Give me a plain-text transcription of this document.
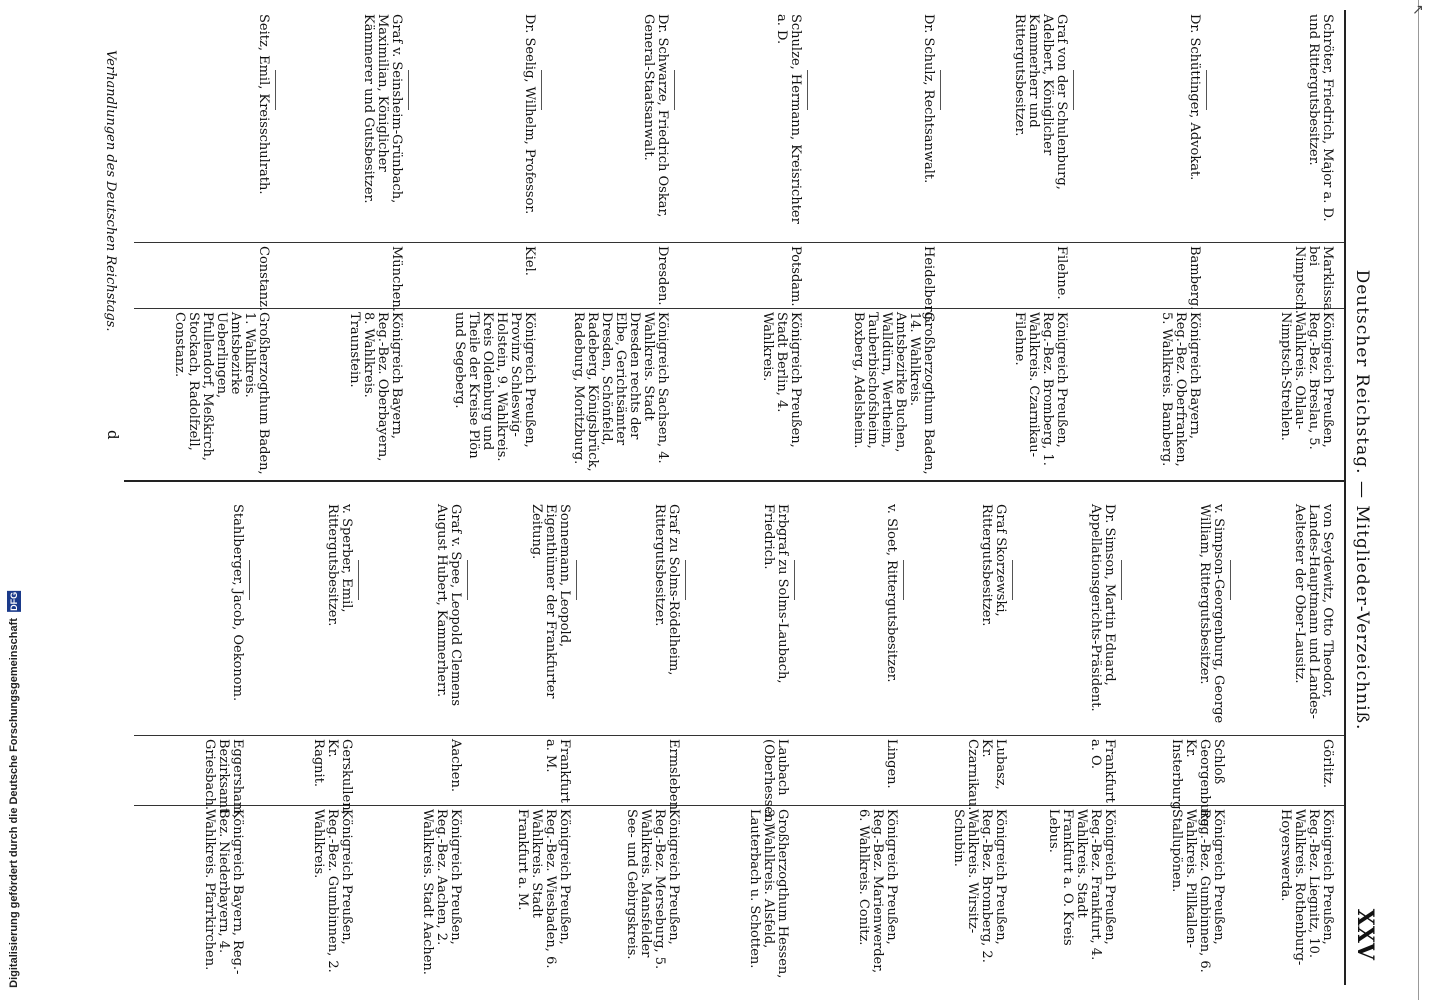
Deutscher Reichstag. — Mitglieder-Verzeichniß.
XXV
Verhandlungen des Deutschen Reichstags.
d
Schröter, Friedrich, Major a. D. und Rittergutsbesitzer.
Marklissa bei Nimptsch.
Königreich Preußen, Reg.-Bez. Breslau, 5. Wahlkreis. Ohlau-Nimptsch-Strehlen.
Dr. Schüttinger, Advokat.
Bamberg.
Königreich Bayern, Reg.-Bez. Oberfranken, 5. Wahlkreis. Bamberg.
Graf von der Schulenburg, Adelbert, Königlicher Kammerherr und Rittergutsbesitzer.
Filehne.
Königreich Preußen, Reg.-Bez. Bromberg, 1. Wahlkreis. Czarnikau-Filehne.
Dr. Schulz, Rechtsanwalt.
Heidelberg.
Großherzogthum Baden, 14. Wahlkreis. Amtsbezirke Buchen, Walldürn, Wertheim, Tauberbischofsheim, Boxberg, Adelsheim.
Schulze, Hermann, Kreisrichter a. D.
Potsdam.
Königreich Preußen, Stadt Berlin, 4. Wahlkreis.
Dr. Schwarze, Friedrich Oskar, General-Staatsanwalt.
Dresden.
Königreich Sachsen, 4. Wahlkreis. Stadt Dresden rechts der Elbe, Gerichtsämter Dresden, Schönfeld, Radeberg, Königsbrück, Radeburg, Moritzburg.
Dr. Seelig, Wilhelm, Professor.
Kiel.
Königreich Preußen, Provinz Schleswig-Holstein, 9. Wahlkreis. Kreis Oldenburg und Theile der Kreise Plön und Segeberg.
Graf v. Seinsheim-Grünbach, Maximilian, Königlicher Kämmerer und Gutsbesitzer.
München.
Königreich Bayern, Reg.-Bez. Oberbayern, 8. Wahlkreis. Traunstein.
Seitz, Emil, Kreisschulrath.
Constanz.
Großherzogthum Baden, 1. Wahlkreis. Amtsbezirke Ueberlingen, Pfullendorf, Meßkirch, Stockach, Radolfzell, Constanz.
von Seydewitz, Otto Theodor, Landes-Hauptmann und Landes-Aeltester der Ober-Lausitz.
Görlitz.
Königreich Preußen, Reg.-Bez. Liegnitz, 10. Wahlkreis. Rothenburg-Hoyerswerda.
v. Simpson-Georgenburg, George William, Rittergutsbesitzer.
Schloß Georgenburg, Kr. Insterburg.
Königreich Preußen, Reg.-Bez. Gumbinnen, 6. Wahlkreis. Pillkallen-Stallupönen.
Dr. Simson, Martin Eduard, Appellationsgerichts-Präsident.
Frankfurt a. O.
Königreich Preußen, Reg.-Bez. Frankfurt, 4. Wahlkreis. Stadt Frankfurt a. O. Kreis Lebus.
Graf Skorzewski, Rittergutsbesitzer.
Lubasz, Kr. Czarnikau.
Königreich Preußen, Reg.-Bez. Bromberg, 2. Wahlkreis. Wirsitz-Schubin.
v. Sloet, Rittergutsbesitzer.
Lingen.
Königreich Preußen, Reg.-Bez. Marienwerder, 6. Wahlkreis. Conitz.
Erbgraf zu Solms-Laubach, Friedrich.
Laubach (Oberhessen).
Großherzogthum Hessen, 3. Wahlkreis. Alsfeld, Lauterbach u. Schotten.
Graf zu Solms-Rödelheim, Rittergutsbesitzer.
Ermsleben.
Königreich Preußen, Reg.-Bez. Merseburg, 5. Wahlkreis. Mansfelder See- und Gebirgskreis.
Sonnemann, Leopold, Eigenthümer der Frankfurter Zeitung.
Frankfurt a. M.
Königreich Preußen, Reg.-Bez. Wiesbaden, 6. Wahlkreis. Stadt Frankfurt a. M.
Graf v. Spee, Leopold Clemens August Hubert, Kammerherr.
Aachen.
Königreich Preußen, Reg.-Bez. Aachen, 2. Wahlkreis. Stadt Aachen.
v. Sperber, Emil, Rittergutsbesitzer.
Gerskullen, Kr. Ragnit.
Königreich Preußen, Reg.-Bez. Gumbinnen, 2. Wahlkreis.
Stahlberger, Jacob, Oekonom.
Eggersham, Bezirksamt Griesbach.
Königreich Bayern, Reg.-Bez. Niederbayern, 4. Wahlkreis. Pfarrkirchen.
Digitalisierung gefördert durch die Deutsche Forschungsgemeinschaft DFG
↗
